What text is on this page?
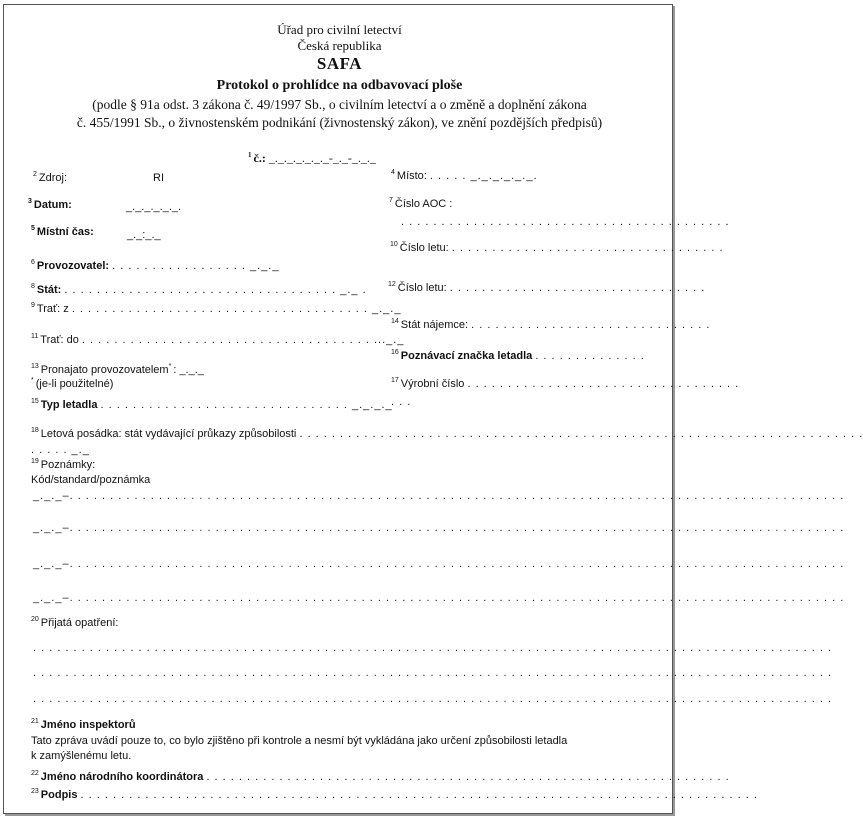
Úřad pro civilní letectví
Česká republika
SAFA
Protokol o prohlídce na odbavovací ploše
(podle § 91a odst. 3 zákona č. 49/1997 Sb., o civilním letectví a o změně a doplnění zákona
č. 455/1991 Sb., o živnostenském podnikání (živnostenský zákon), ve znění pozdějších předpisů)
$^1$ č.: _._._._._._._-_._-_._._
$^2$ Zdroj:	RI	$^4$ Místo: . . . . . _._._._._._.
$^3$ Datum:	_._._._._._.
$^7$ Číslo AOC :
. . . . . . . . . . . . . . . . . . . . . . . . . . . . . . . . . . . . . . . . .
$^5$ Místní čas:	_._:_._
$^{10}$ Číslo letu: . . . . . . . . . . . . . . . . . . . . . . . . . . . . . . . . . .
$^6$ Provozovatel: . . . . . . . . . . . . . . . . . _._._
$^8$ Stát: . . . . . . . . . . . . . . . . . . . . . . . . . . . . . . . . . . _._ .	$^{12}$ Číslo letu: . . . . . . . . . . . . . . . . . . . . . . . . . . . . . . . .
$^9$ Trať: z . . . . . . . . . . . . . . . . . . . . . . . . . . . . . . . . . . . . . _._._
$^{14}$ Stát nájemce: . . . . . . . . . . . . . . . . . . . . . . . . . . . . . .
$^{11}$ Trať: do . . . . . . . . . . . . . . . . . . . . . . . . . . . . . . . . . . . . ..._._
$^{16}$ Poznávací značka letadla . . . . . . . . . . . . . .
$^{13}$ Pronajato provozovatelem* : _._._
* (je-li použitelné)	$^{17}$ Výrobní číslo . . . . . . . . . . . . . . . . . . . . . . . . . . . . . . . . . .
. . .
$^{15}$ Typ letadla . . . . . . . . . . . . . . . . . . . . . . . . . . . . . . . _._._._
$^{18}$ Letová posádka: stát vydávající průkazy způsobilosti . . . . . . . . . . . . . . . . . . . . . . . . . . . . . . . . . . . . . . . . . . . . . . . . . . . . . . . . . . . . . . . . . . . . . .
. . . . . _._
$^{19}$ Poznámky:
Kód/standard/poznámka
_._._–. . . . . . . . . . . . . . . . . . . . . . . . . . . . . . . . . . . . . . . . . . . . . . . . . . . . . . . . . . . . . . . . . . . . . . . . . . . . . . . . . . . . . . . . . . . . . . . .
_._._–. . . . . . . . . . . . . . . . . . . . . . . . . . . . . . . . . . . . . . . . . . . . . . . . . . . . . . . . . . . . . . . . . . . . . . . . . . . . . . . . . . . . . . . . . . . . . . . .
_._._–. . . . . . . . . . . . . . . . . . . . . . . . . . . . . . . . . . . . . . . . . . . . . . . . . . . . . . . . . . . . . . . . . . . . . . . . . . . . . . . . . . . . . . . . . . . . . . . .
_._._–. . . . . . . . . . . . . . . . . . . . . . . . . . . . . . . . . . . . . . . . . . . . . . . . . . . . . . . . . . . . . . . . . . . . . . . . . . . . . . . . . . . . . . . . . . . . . . . .
$^{20}$ Přijatá opatření:
. . . . . . . . . . . . . . . . . . . . . . . . . . . . . . . . . . . . . . . . . . . . . . . . . . . . . . . . . . . . . . . . . . . . . . . . . . . . . . . . . . . . . . . . . . . . . . . . . . .
. . . . . . . . . . . . . . . . . . . . . . . . . . . . . . . . . . . . . . . . . . . . . . . . . . . . . . . . . . . . . . . . . . . . . . . . . . . . . . . . . . . . . . . . . . . . . . . . . . .
. . . . . . . . . . . . . . . . . . . . . . . . . . . . . . . . . . . . . . . . . . . . . . . . . . . . . . . . . . . . . . . . . . . . . . . . . . . . . . . . . . . . . . . . . . . . . . . . . . .
$^{21}$ Jméno inspektorů
Tato zpráva uvádí pouze to, co bylo zjištěno při kontrole a nesmí být vykládána jako určení způsobilosti letadla
k zamýšlenému letu.
$^{22}$ Jméno národního koordinátora . . . . . . . . . . . . . . . . . . . . . . . . . . . . . . . . . . . . . . . . . . . . . . . . . . . . . . . . . . . . . . . . .
$^{23}$ Podpis . . . . . . . . . . . . . . . . . . . . . . . . . . . . . . . . . . . . . . . . . . . . . . . . . . . . . . . . . . . . . . . . . . . . . . . . . . . . . . . . . . . .
